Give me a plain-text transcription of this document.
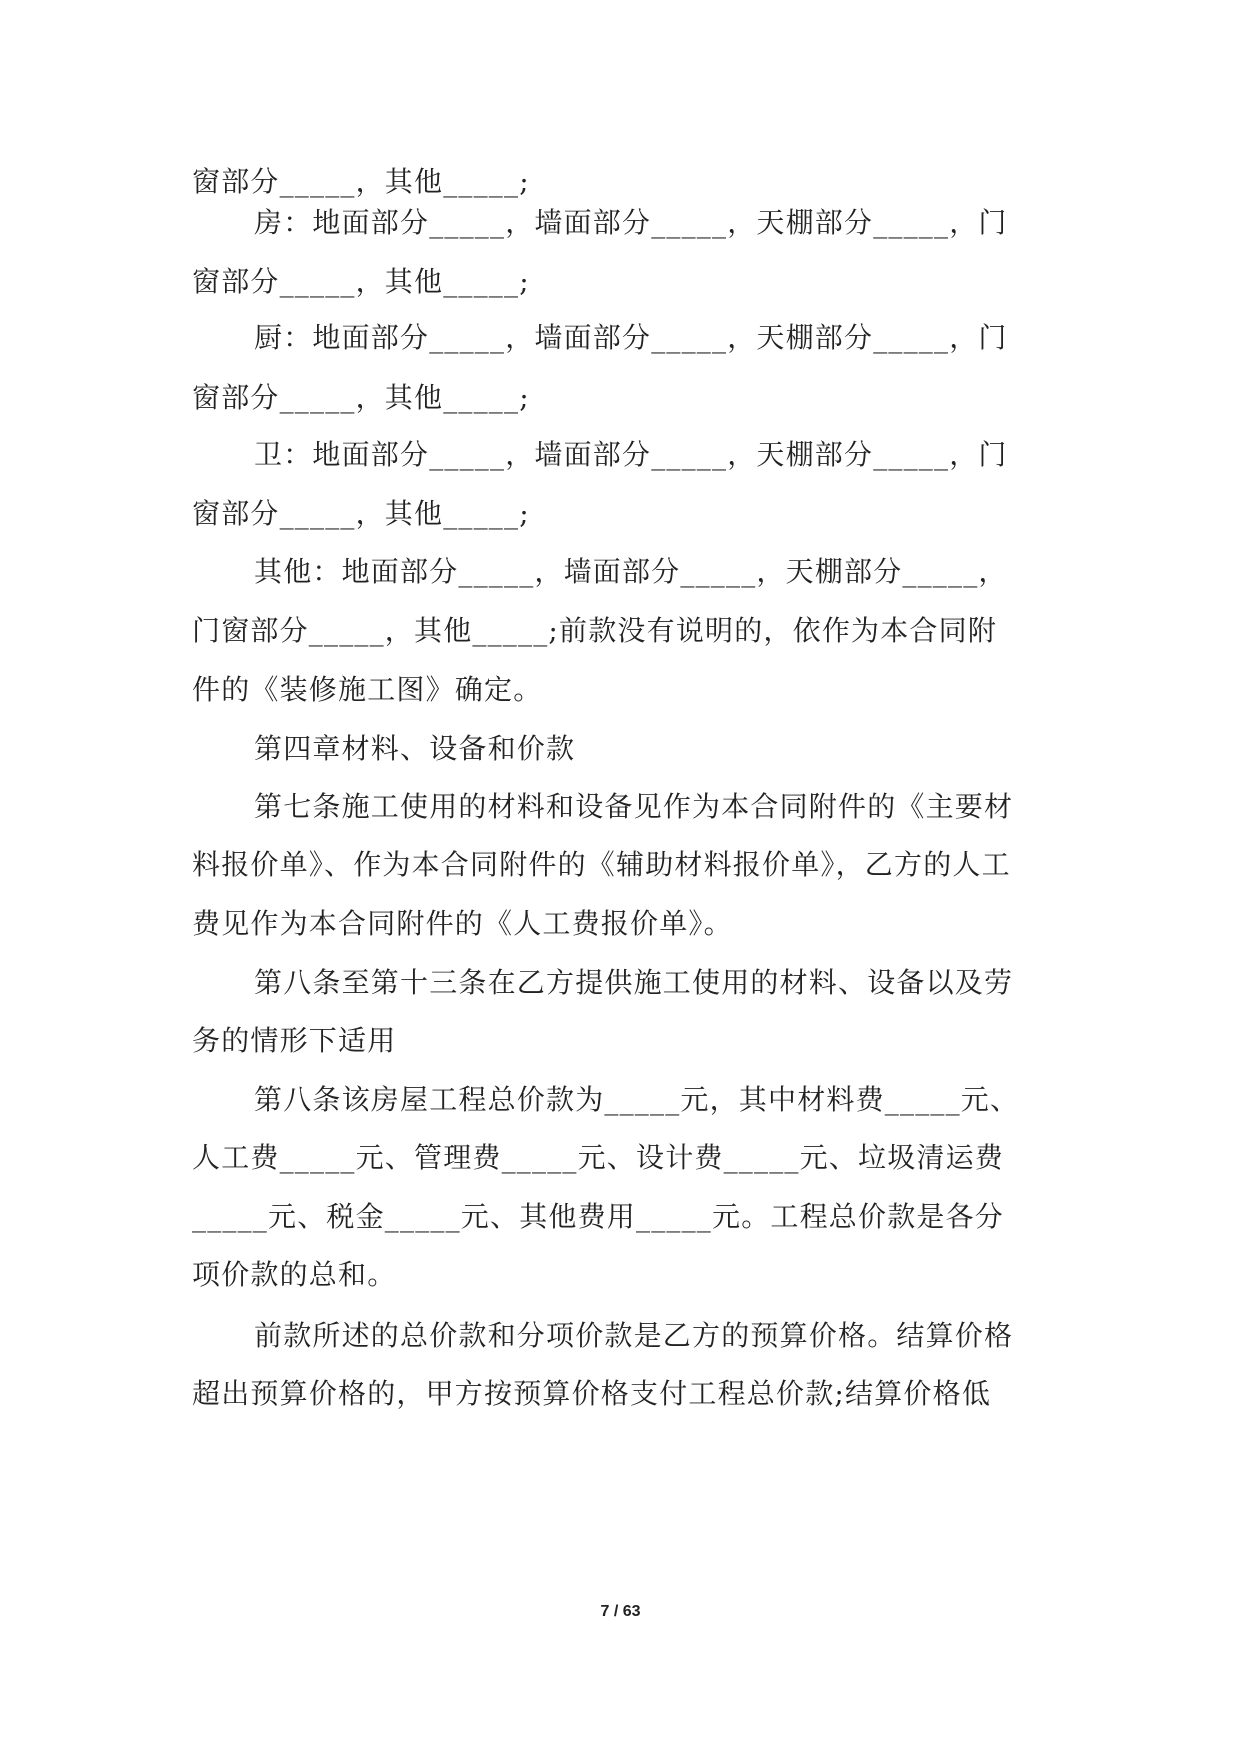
窗部分_____，其他_____;
房：地面部分_____，墙面部分_____，天棚部分_____，门
窗部分_____，其他_____;
厨：地面部分_____，墙面部分_____，天棚部分_____，门
窗部分_____，其他_____;
卫：地面部分_____，墙面部分_____，天棚部分_____，门
窗部分_____，其他_____;
其他：地面部分_____，墙面部分_____，天棚部分_____，
门窗部分_____，其他_____;前款没有说明的，依作为本合同附
件的《装修施工图》确定。
第四章材料、设备和价款
第七条施工使用的材料和设备见作为本合同附件的《主要材
料报价单》、作为本合同附件的《辅助材料报价单》，乙方的人工
费见作为本合同附件的《人工费报价单》。
第八条至第十三条在乙方提供施工使用的材料、设备以及劳
务的情形下适用
第八条该房屋工程总价款为_____元，其中材料费_____元、
人工费_____元、管理费_____元、设计费_____元、垃圾清运费
_____元、税金_____元、其他费用_____元。工程总价款是各分
项价款的总和。
前款所述的总价款和分项价款是乙方的预算价格。结算价格
超出预算价格的，甲方按预算价格支付工程总价款;结算价格低
7 / 63
